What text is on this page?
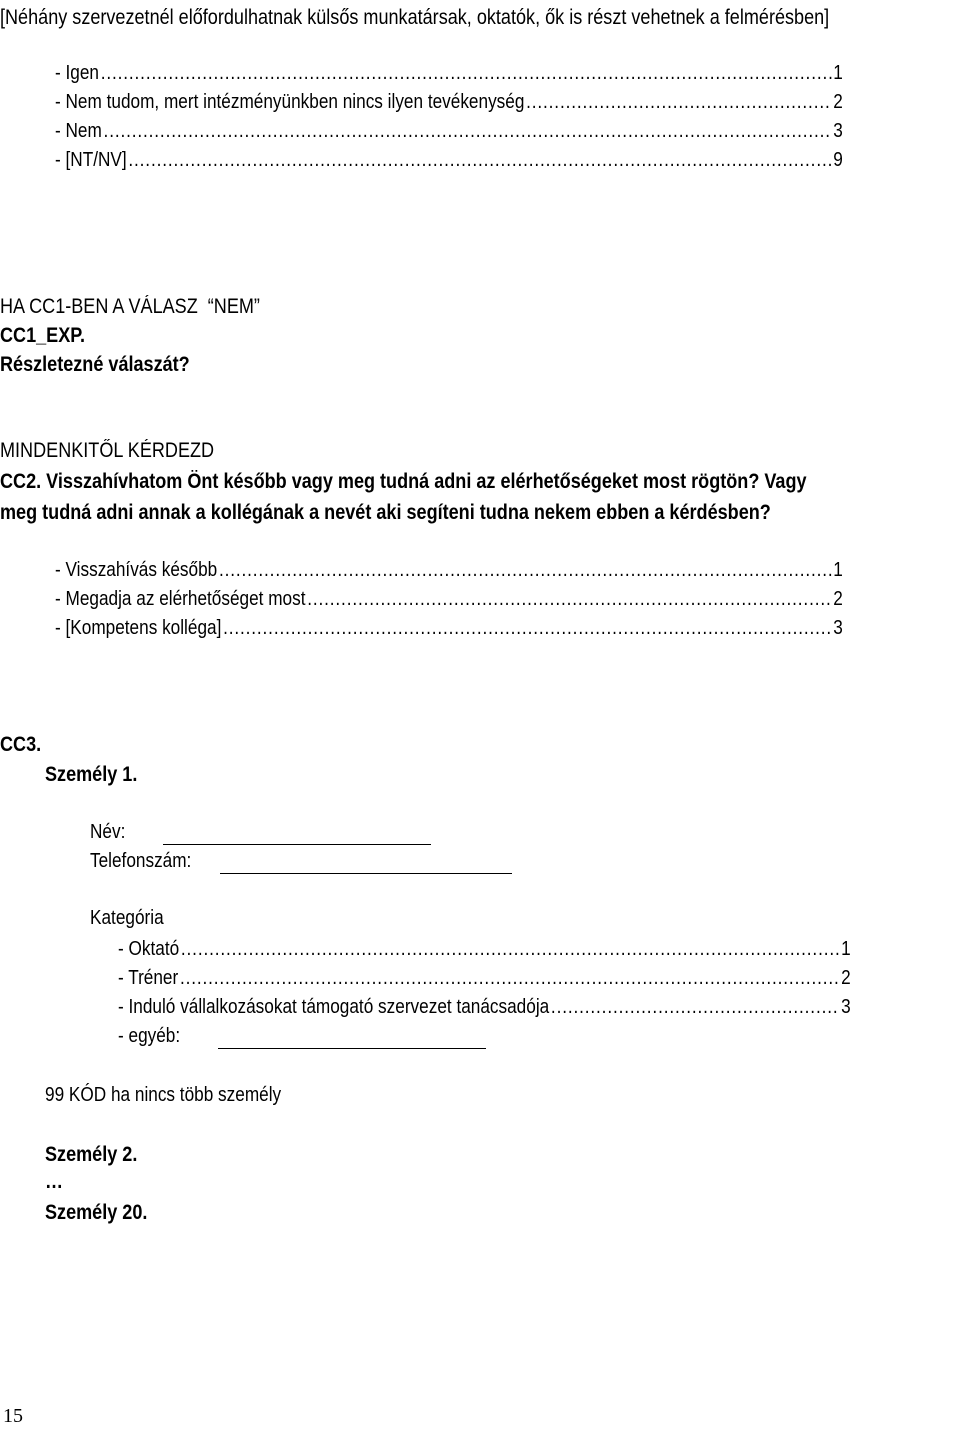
[Néhány szervezetnél előfordulhatnak külsős munkatársak, oktatók, ők is részt vehetnek a felmérésben]
- Igen .....	1
- Nem tudom, mert intézményünkben nincs ilyen tevékenység .....	2
- Nem .....	3
- [NT/NV] .....	9
HA CC1-BEN A VÁLASZ  “NEM”
CC1_EXP.
Részletezné válaszát?
MINDENKITŐL KÉRDEZD
CC2. Visszahívhatom Önt később vagy meg tudná adni az elérhetőségeket most rögtön? Vagy
meg tudná adni annak a kollégának a nevét aki segíteni tudna nekem ebben a kérdésben?
- Visszahívás később .....	1
- Megadja az elérhetőséget most .....	2
- [Kompetens kolléga] .....	3
CC3.
Személy 1.
Név:
Telefonszám:
Kategória
- Oktató .....	1
- Tréner .....	2
- Induló vállalkozásokat támogató szervezet tanácsadója .....	3
- egyéb:
99 KÓD ha nincs több személy
Személy 2.
…
Személy 20.
15
